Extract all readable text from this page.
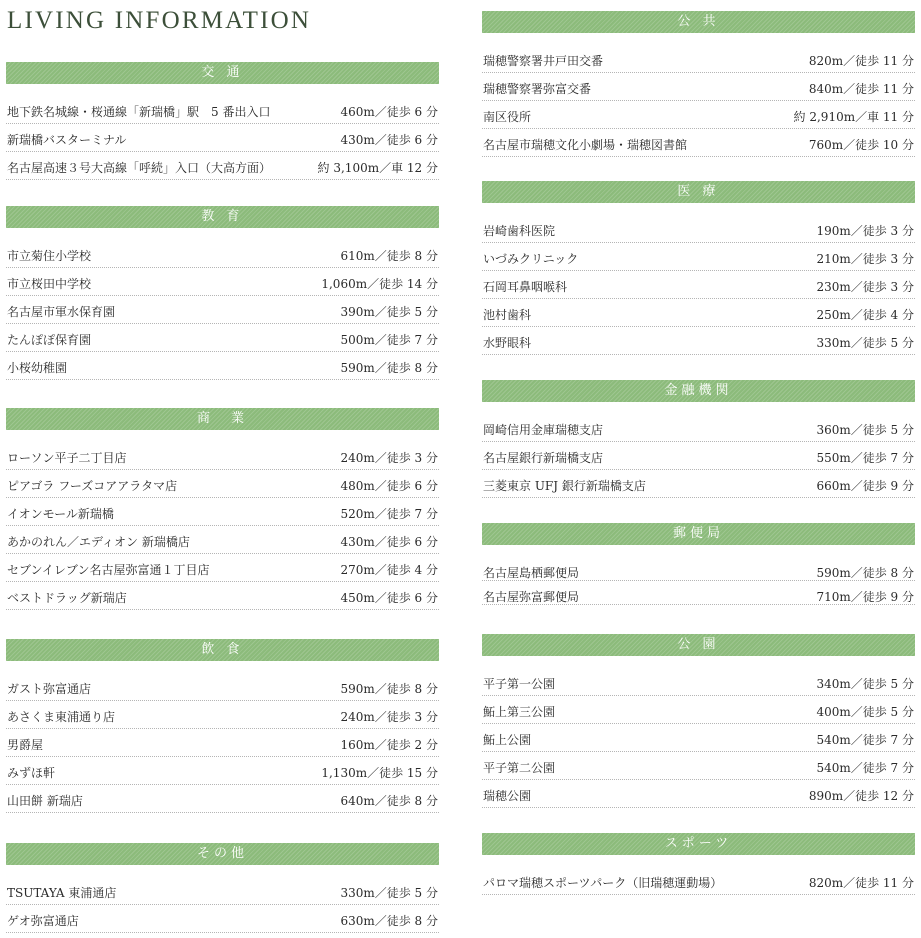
LIVING INFORMATION
交 通
地下鉄名城線・桜通線「新瑞橋」駅　5 番出入口	460m／徒歩 6 分
新瑞橋バスターミナル	430m／徒歩 6 分
名古屋高速３号大高線「呼続」入口（大高方面）	約 3,100m／車 12 分
教 育
市立菊住小学校	610m／徒歩 8 分
市立桜田中学校	1,060m／徒歩 14 分
名古屋市軍水保育園	390m／徒歩 5 分
たんぽぽ保育園	500m／徒歩 7 分
小桜幼稚園	590m／徒歩 8 分
商　業
ローソン平子二丁目店	240m／徒歩 3 分
ピアゴラ フーズコアアラタマ店	480m／徒歩 6 分
イオンモール新瑞橋	520m／徒歩 7 分
あかのれん／エディオン 新瑞橋店	430m／徒歩 6 分
セブンイレブン名古屋弥富通１丁目店	270m／徒歩 4 分
ベストドラッグ新瑞店	450m／徒歩 6 分
飲 食
ガスト弥富通店	590m／徒歩 8 分
あさくま東浦通り店	240m／徒歩 3 分
男爵屋	160m／徒歩 2 分
みずほ軒	1,130m／徒歩 15 分
山田餅 新瑞店	640m／徒歩 8 分
その他
TSUTAYA 東浦通店	330m／徒歩 5 分
ゲオ弥富通店	630m／徒歩 8 分
公 共
瑞穂警察署井戸田交番	820m／徒歩 11 分
瑞穂警察署弥富交番	840m／徒歩 11 分
南区役所	約 2,910m／車 11 分
名古屋市瑞穂文化小劇場・瑞穂図書館	760m／徒歩 10 分
医 療
岩崎歯科医院	190m／徒歩 3 分
いづみクリニック	210m／徒歩 3 分
石岡耳鼻咽喉科	230m／徒歩 3 分
池村歯科	250m／徒歩 4 分
水野眼科	330m／徒歩 5 分
金融機関
岡崎信用金庫瑞穂支店	360m／徒歩 5 分
名古屋銀行新瑞橋支店	550m／徒歩 7 分
三菱東京 UFJ 銀行新瑞橋支店	660m／徒歩 9 分
郵便局
名古屋島栖郵便局	590m／徒歩 8 分
名古屋弥富郵便局	710m／徒歩 9 分
公 園
平子第一公園	340m／徒歩 5 分
鮖上第三公園	400m／徒歩 5 分
鮖上公園	540m／徒歩 7 分
平子第二公園	540m／徒歩 7 分
瑞穂公園	890m／徒歩 12 分
スポーツ
パロマ瑞穂スポーツパーク（旧瑞穂運動場）	820m／徒歩 11 分
